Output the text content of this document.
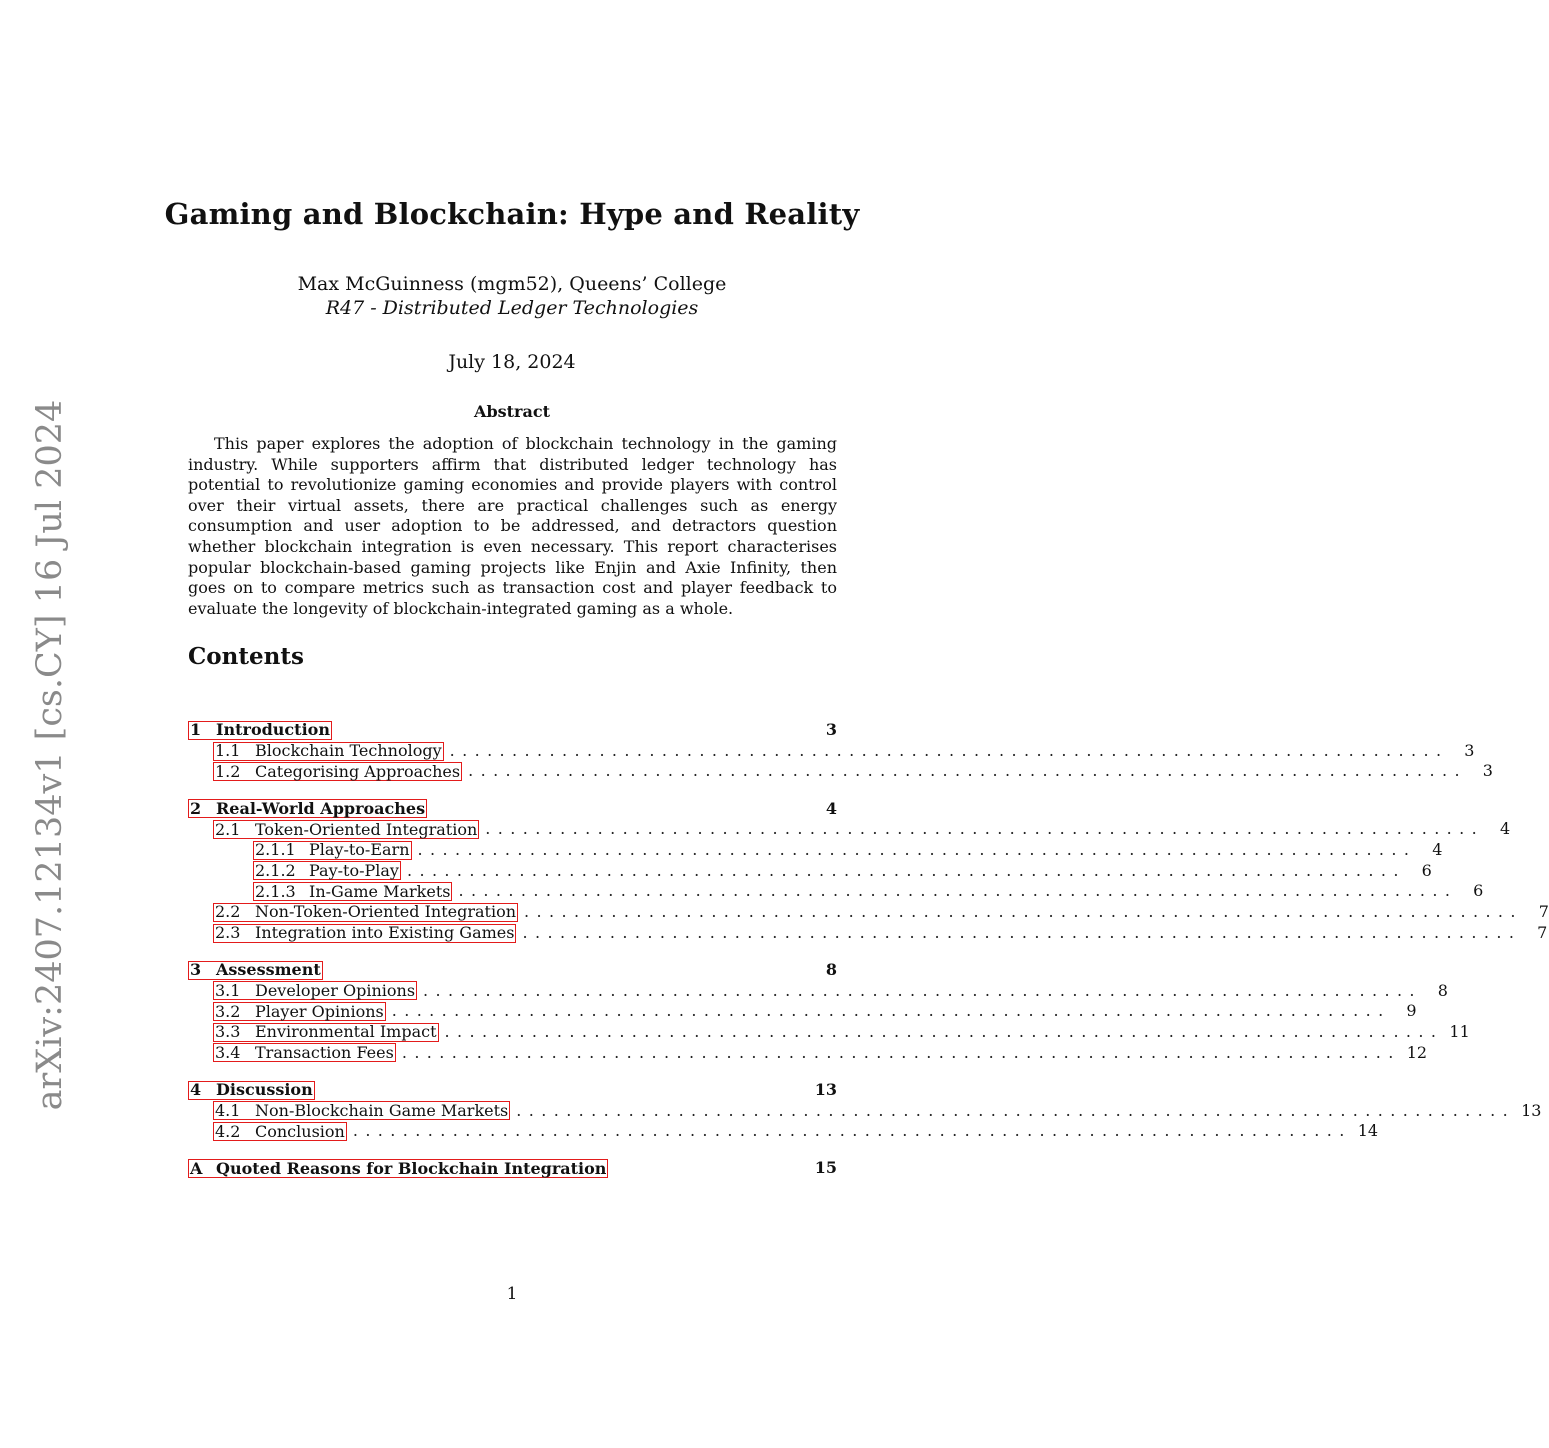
arXiv:2407.12134v1 [cs.CY] 16 Jul 2024
Gaming and Blockchain: Hype and Reality
Max McGuinness (mgm52), Queens’ College
R47 - Distributed Ledger Technologies
July 18, 2024
Abstract
This paper explores the adoption of blockchain technology in the gaming industry. While supporters affirm that distributed ledger technology has potential to revolutionize gaming economies and provide players with control over their virtual assets, there are practical challenges such as energy consumption and user adoption to be addressed, and detractors question whether blockchain integration is even necessary. This report characterises popular blockchain-based gaming projects like Enjin and Axie Infinity, then goes on to compare metrics such as transaction cost and player feedback to evaluate the longevity of blockchain-integrated gaming as a whole.
Contents
1 Introduction	3
1.1 Blockchain Technology ................................................................................ 3
1.2 Categorising Approaches ................................................................................ 3
2 Real-World Approaches	4
2.1 Token-Oriented Integration ................................................................................ 4
2.1.1 Play-to-Earn ................................................................................ 4
2.1.2 Pay-to-Play ................................................................................ 6
2.1.3 In-Game Markets ................................................................................ 6
2.2 Non-Token-Oriented Integration ................................................................................ 7
2.3 Integration into Existing Games ................................................................................ 7
3 Assessment	8
3.1 Developer Opinions ................................................................................ 8
3.2 Player Opinions ................................................................................ 9
3.3 Environmental Impact ................................................................................ 11
3.4 Transaction Fees ................................................................................ 12
4 Discussion	13
4.1 Non-Blockchain Game Markets ................................................................................ 13
4.2 Conclusion ................................................................................ 14
A Quoted Reasons for Blockchain Integration	15
1
